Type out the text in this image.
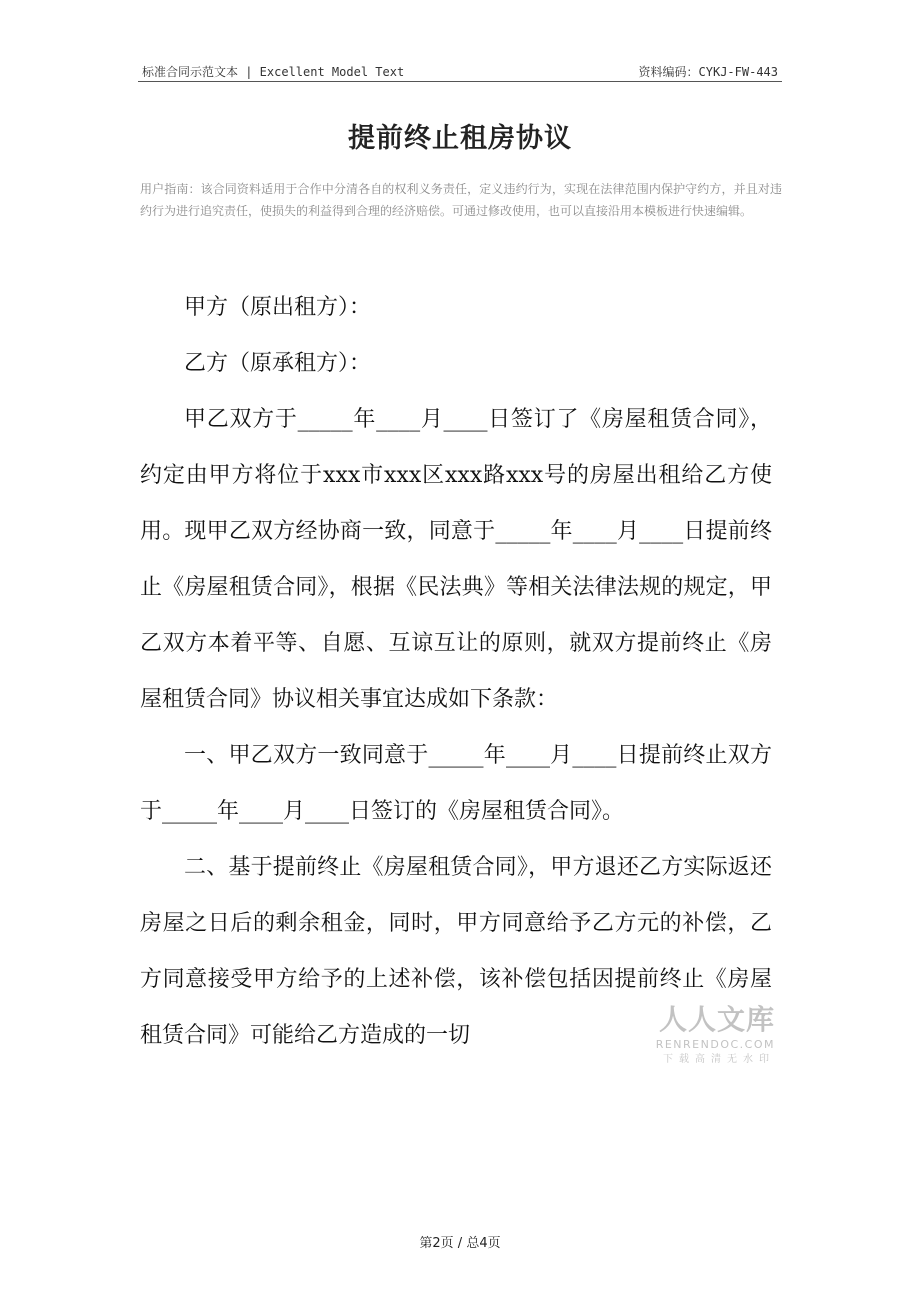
标准合同示范文本 | Excellent Model Text	资料编码：CYKJ-FW-443
提前终止租房协议
用户指南：该合同资料适用于合作中分清各自的权利义务责任，定义违约行为，实现在法律范围内保护守约方，并且对违约行为进行追究责任，使损失的利益得到合理的经济赔偿。可通过修改使用，也可以直接沿用本模板进行快速编辑。

甲方（原出租方）：

乙方（原承租方）：

甲乙双方于_____年____月____日签订了《房屋租赁合同》，约定由甲方将位于xxx市xxx区xxx路xxx号的房屋出租给乙方使用。现甲乙双方经协商一致，同意于_____年____月____日提前终止《房屋租赁合同》，根据《民法典》等相关法律法规的规定，甲乙双方本着平等、自愿、互谅互让的原则，就双方提前终止《房屋租赁合同》协议相关事宜达成如下条款：

一、甲乙双方一致同意于_____年____月____日提前终止双方于_____年____月____日签订的《房屋租赁合同》。

二、基于提前终止《房屋租赁合同》，甲方退还乙方实际返还房屋之日后的剩余租金，同时，甲方同意给予乙方元的补偿，乙方同意接受甲方给予的上述补偿，该补偿包括因提前终止《房屋租赁合同》可能给乙方造成的一切	人人文库
RENRENDOC.COM
下载高清无水印
第2页 / 总4页
